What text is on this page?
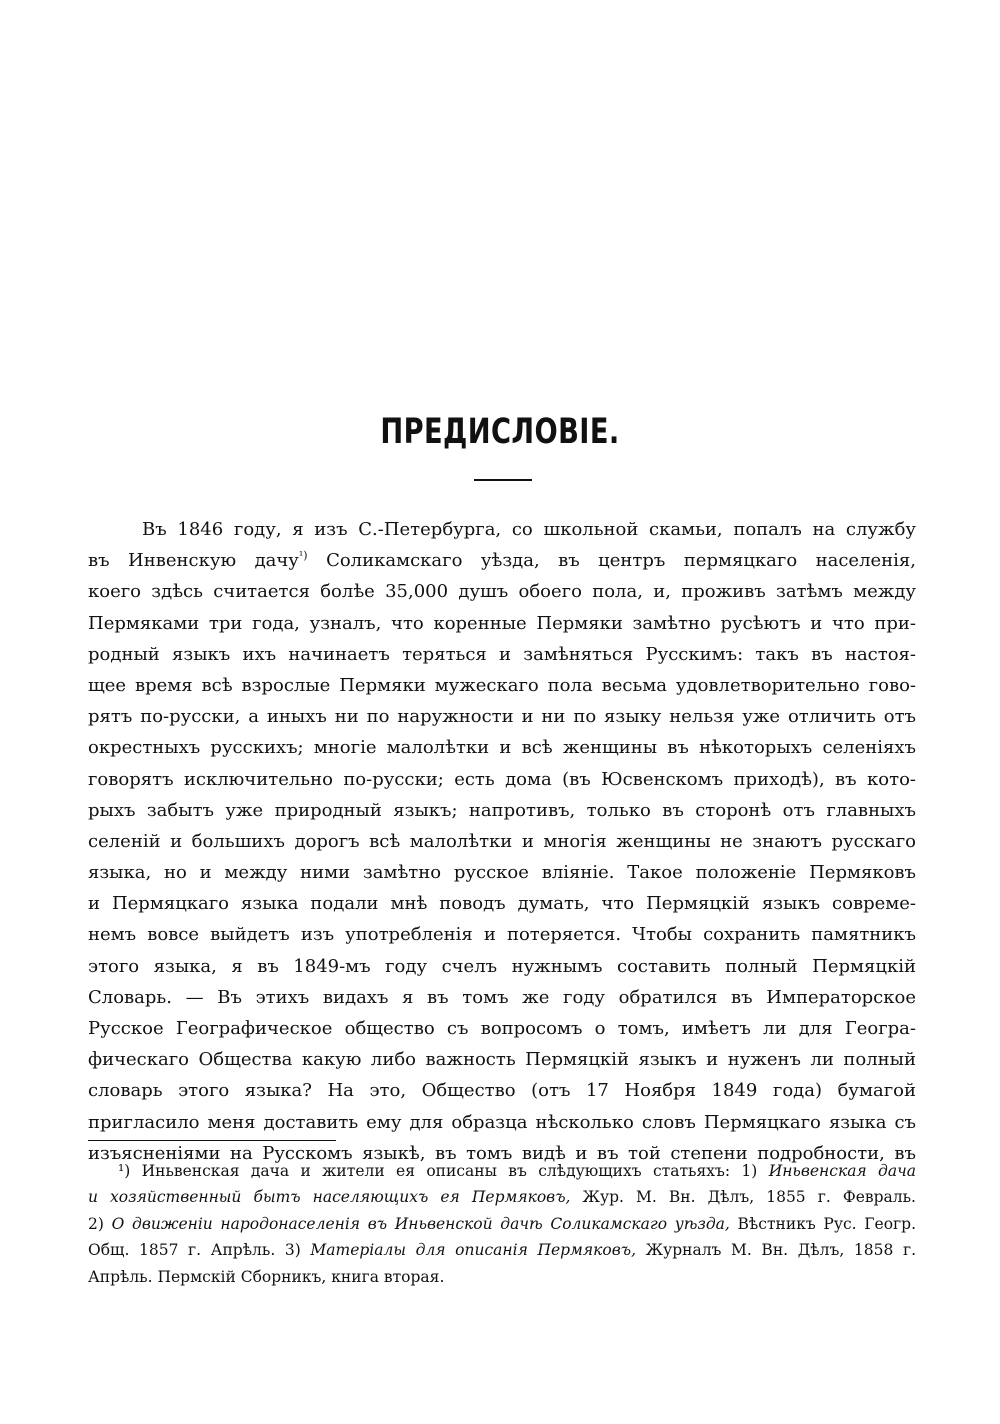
ПРЕДИСЛОВІЕ.
Въ 1846 году, я изъ С.-Петербурга, со школьной скамьи, попалъ на службу
въ Инвенскую дачу$^{^1)}$ Соликамскаго уѣзда, въ центръ пермяцкаго населенія,
коего здѣсь считается болѣе 35,000 душъ обоего пола, и, проживъ затѣмъ между
Пермяками три года, узналъ, что коренные Пермяки замѣтно русѣютъ и что при-
родный языкъ ихъ начинаетъ теряться и замѣняться Русскимъ: такъ въ настоя-
щее время всѣ взрослые Пермяки мужескаго пола весьма удовлетворительно гово-
рятъ по-русски, а иныхъ ни по наружности и ни по языку нельзя уже отличить отъ
окрестныхъ русскихъ; многіе малолѣтки и всѣ женщины въ нѣкоторыхъ селеніяхъ
говорятъ исключительно по-русски; есть дома (въ Юсвенскомъ приходѣ), въ кото-
рыхъ забытъ уже природный языкъ; напротивъ, только въ сторонѣ отъ главныхъ
селеній и большихъ дорогъ всѣ малолѣтки и многія женщины не знаютъ русскаго
языка, но и между ними замѣтно русское вліяніе. Такое положеніе Пермяковъ
и Пермяцкаго языка подали мнѣ поводъ думать, что Пермяцкій языкъ совреме-
немъ вовсе выйдетъ изъ употребленія и потеряется. Чтобы сохранить памятникъ
этого языка, я въ 1849-мъ году счелъ нужнымъ составить полный Пермяцкій
Словарь. — Въ этихъ видахъ я въ томъ же году обратился въ Императорское
Русское Географическое общество съ вопросомъ о томъ, имѣетъ ли для Геогра-
фическаго Общества какую либо важность Пермяцкій языкъ и нуженъ ли полный
словарь этого языка? На это, Общество (отъ 17 Ноября 1849 года) бумагой
пригласило меня доставить ему для образца нѣсколько словъ Пермяцкаго языка съ
изъясненіями на Русскомъ языкѣ, въ томъ видѣ и въ той степени подробности, въ
¹) Иньвенская дача и жители ея описаны въ слѣдующихъ статьяхъ: 1) Иньвенская дача
и хозяйственный бытъ населяющихъ ея Пермяковъ, Жур. М. Вн. Дѣлъ, 1855 г. Февраль.
2) О движеніи народонаселенія въ Иньвенской дачѣ Соликамскаго уѣзда, Вѣстникъ Рус. Геогр.
Общ. 1857 г. Апрѣль. 3) Матеріалы для описанія Пермяковъ, Журналъ М. Вн. Дѣлъ, 1858 г.
Апрѣль. Пермскій Сборникъ, книга вторая.
